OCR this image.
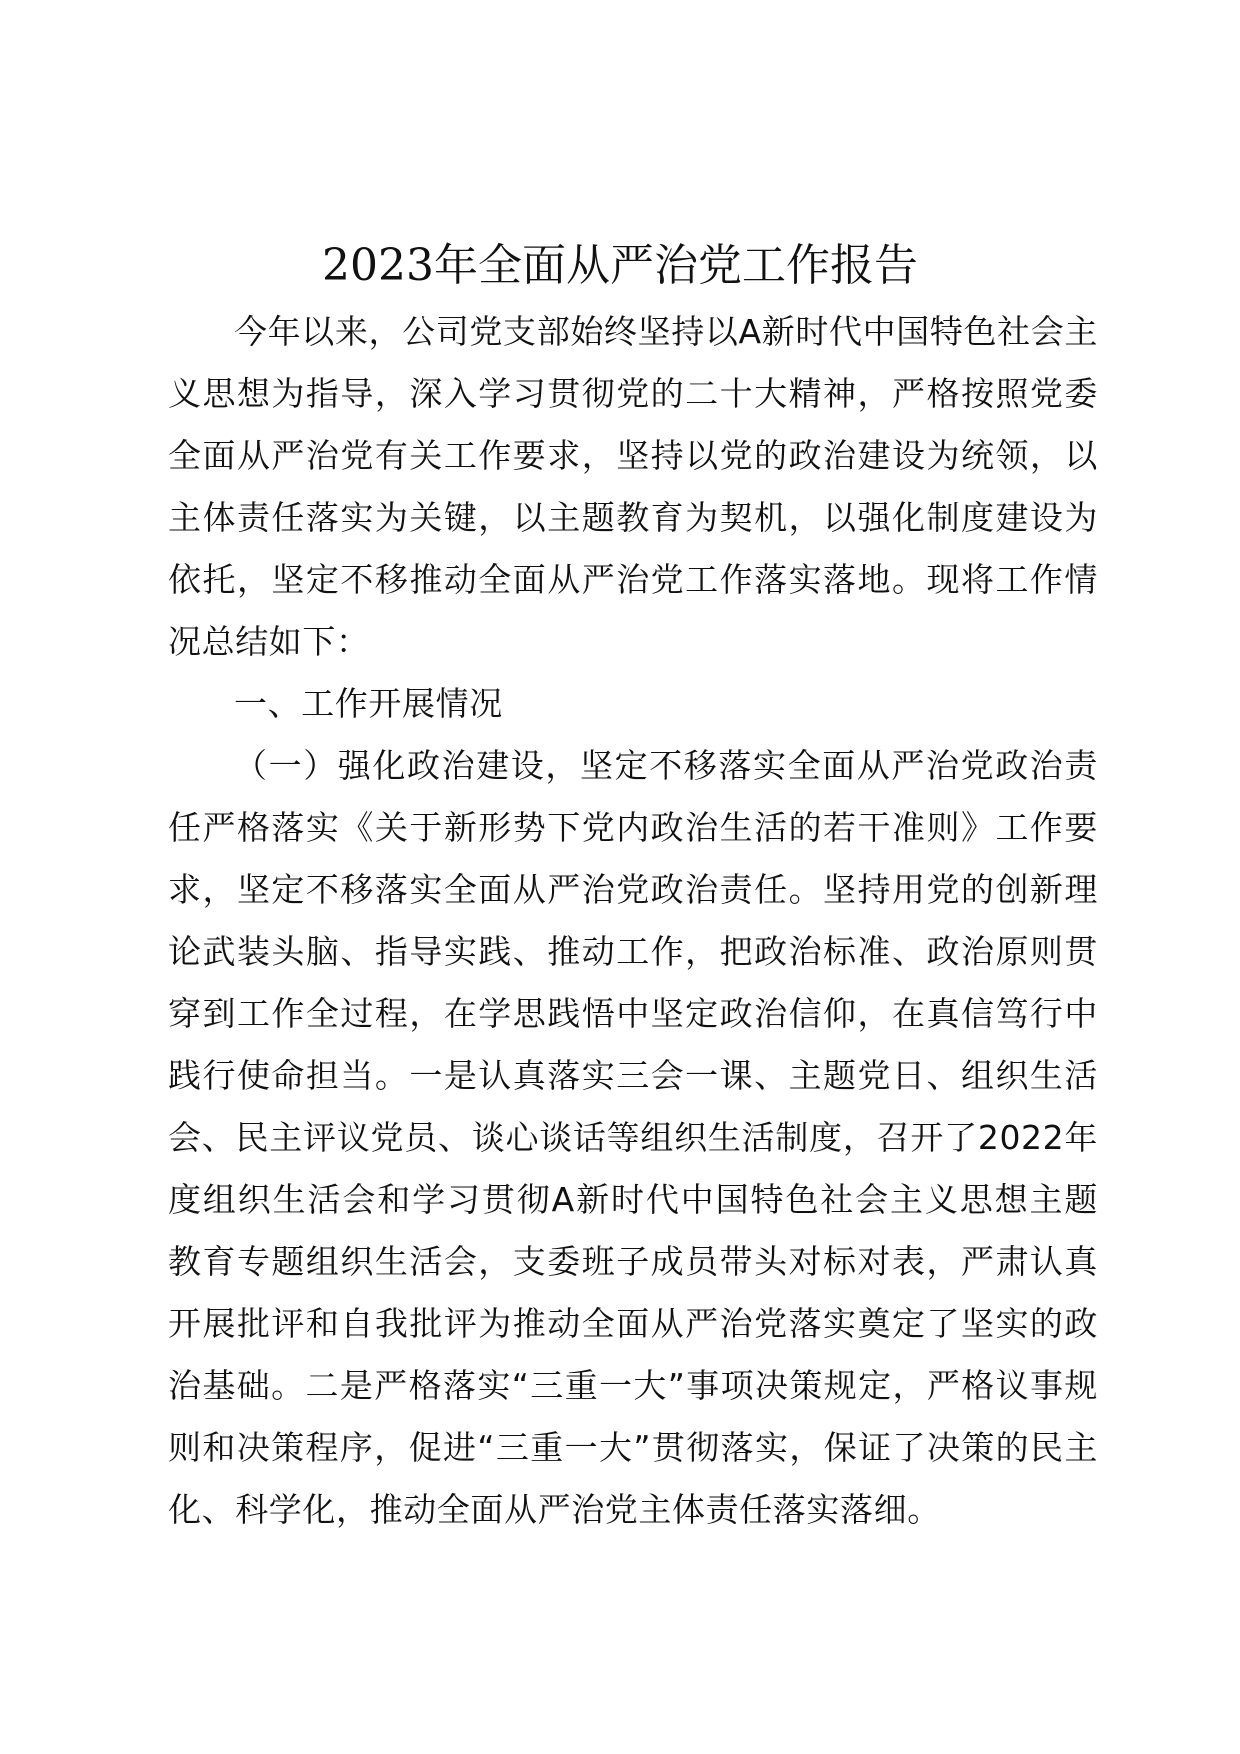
2023年全面从严治党工作报告

今年以来，公司党支部始终坚持以A新时代中国特色社会主义思想为指导，深入学习贯彻党的二十大精神，严格按照党委全面从严治党有关工作要求，坚持以党的政治建设为统领，以主体责任落实为关键，以主题教育为契机，以强化制度建设为依托，坚定不移推动全面从严治党工作落实落地。现将工作情况总结如下：

一、工作开展情况

（一）强化政治建设，坚定不移落实全面从严治党政治责任严格落实《关于新形势下党内政治生活的若干准则》工作要求，坚定不移落实全面从严治党政治责任。坚持用党的创新理论武装头脑、指导实践、推动工作，把政治标准、政治原则贯穿到工作全过程，在学思践悟中坚定政治信仰，在真信笃行中践行使命担当。一是认真落实三会一课、主题党日、组织生活会、民主评议党员、谈心谈话等组织生活制度，召开了2022年度组织生活会和学习贯彻A新时代中国特色社会主义思想主题教育专题组织生活会，支委班子成员带头对标对表，严肃认真开展批评和自我批评为推动全面从严治党落实奠定了坚实的政治基础。二是严格落实“三重一大”事项决策规定，严格议事规则和决策程序，促进“三重一大”贯彻落实，保证了决策的民主化、科学化，推动全面从严治党主体责任落实落细。
